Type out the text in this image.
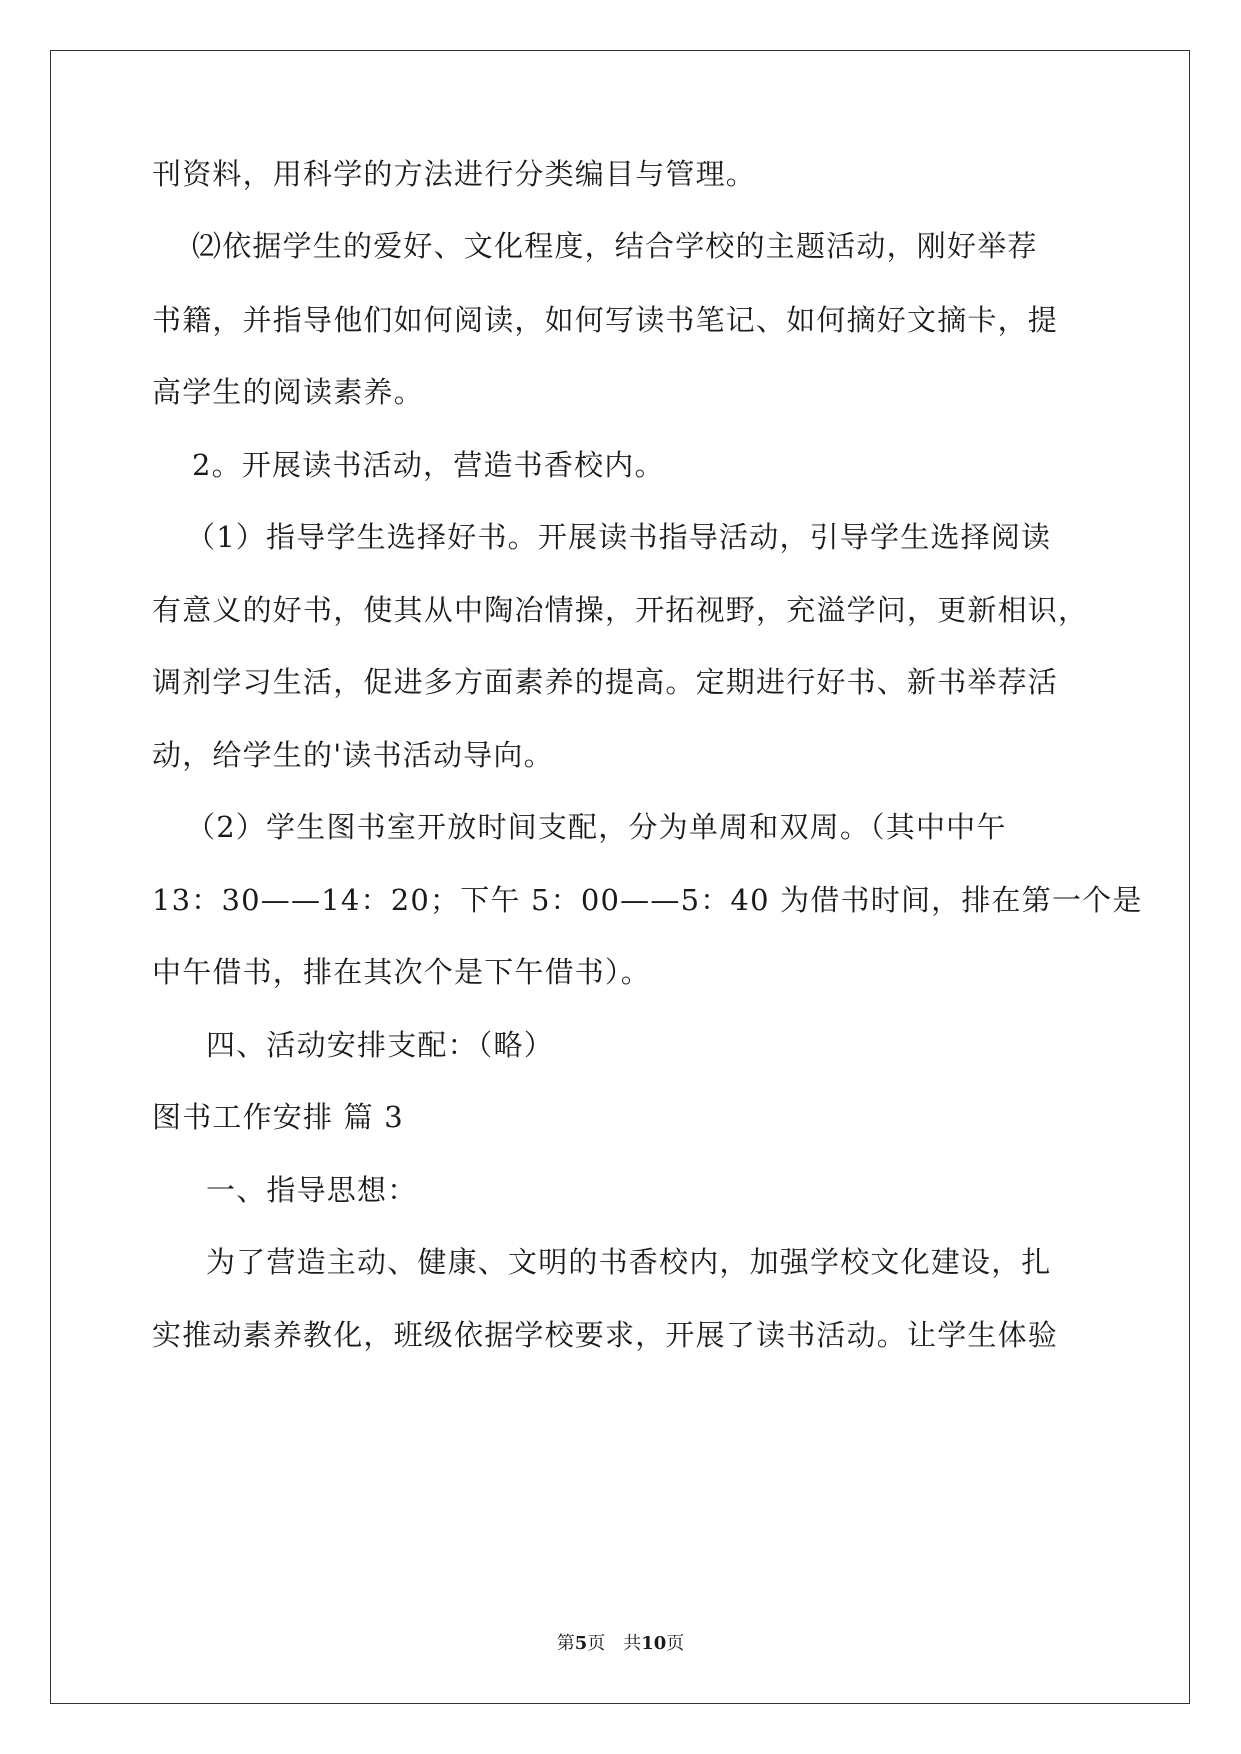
刊资料，用科学的方法进行分类编目与管理。
⑵依据学生的爱好、文化程度，结合学校的主题活动，刚好举荐
书籍，并指导他们如何阅读，如何写读书笔记、如何摘好文摘卡，提
高学生的阅读素养。
2。开展读书活动，营造书香校内。
（1）指导学生选择好书。开展读书指导活动，引导学生选择阅读
有意义的好书，使其从中陶冶情操，开拓视野，充溢学问，更新相识，
调剂学习生活，促进多方面素养的提高。定期进行好书、新书举荐活
动，给学生的'读书活动导向。
（2）学生图书室开放时间支配，分为单周和双周。（其中中午
13：30——14：20；下午 5：00——5：40 为借书时间，排在第一个是
中午借书，排在其次个是下午借书）。
四、活动安排支配：（略）
图书工作安排 篇 3
一、指导思想：
为了营造主动、健康、文明的书香校内，加强学校文化建设，扎
实推动素养教化，班级依据学校要求，开展了读书活动。让学生体验
第5页　共10页
